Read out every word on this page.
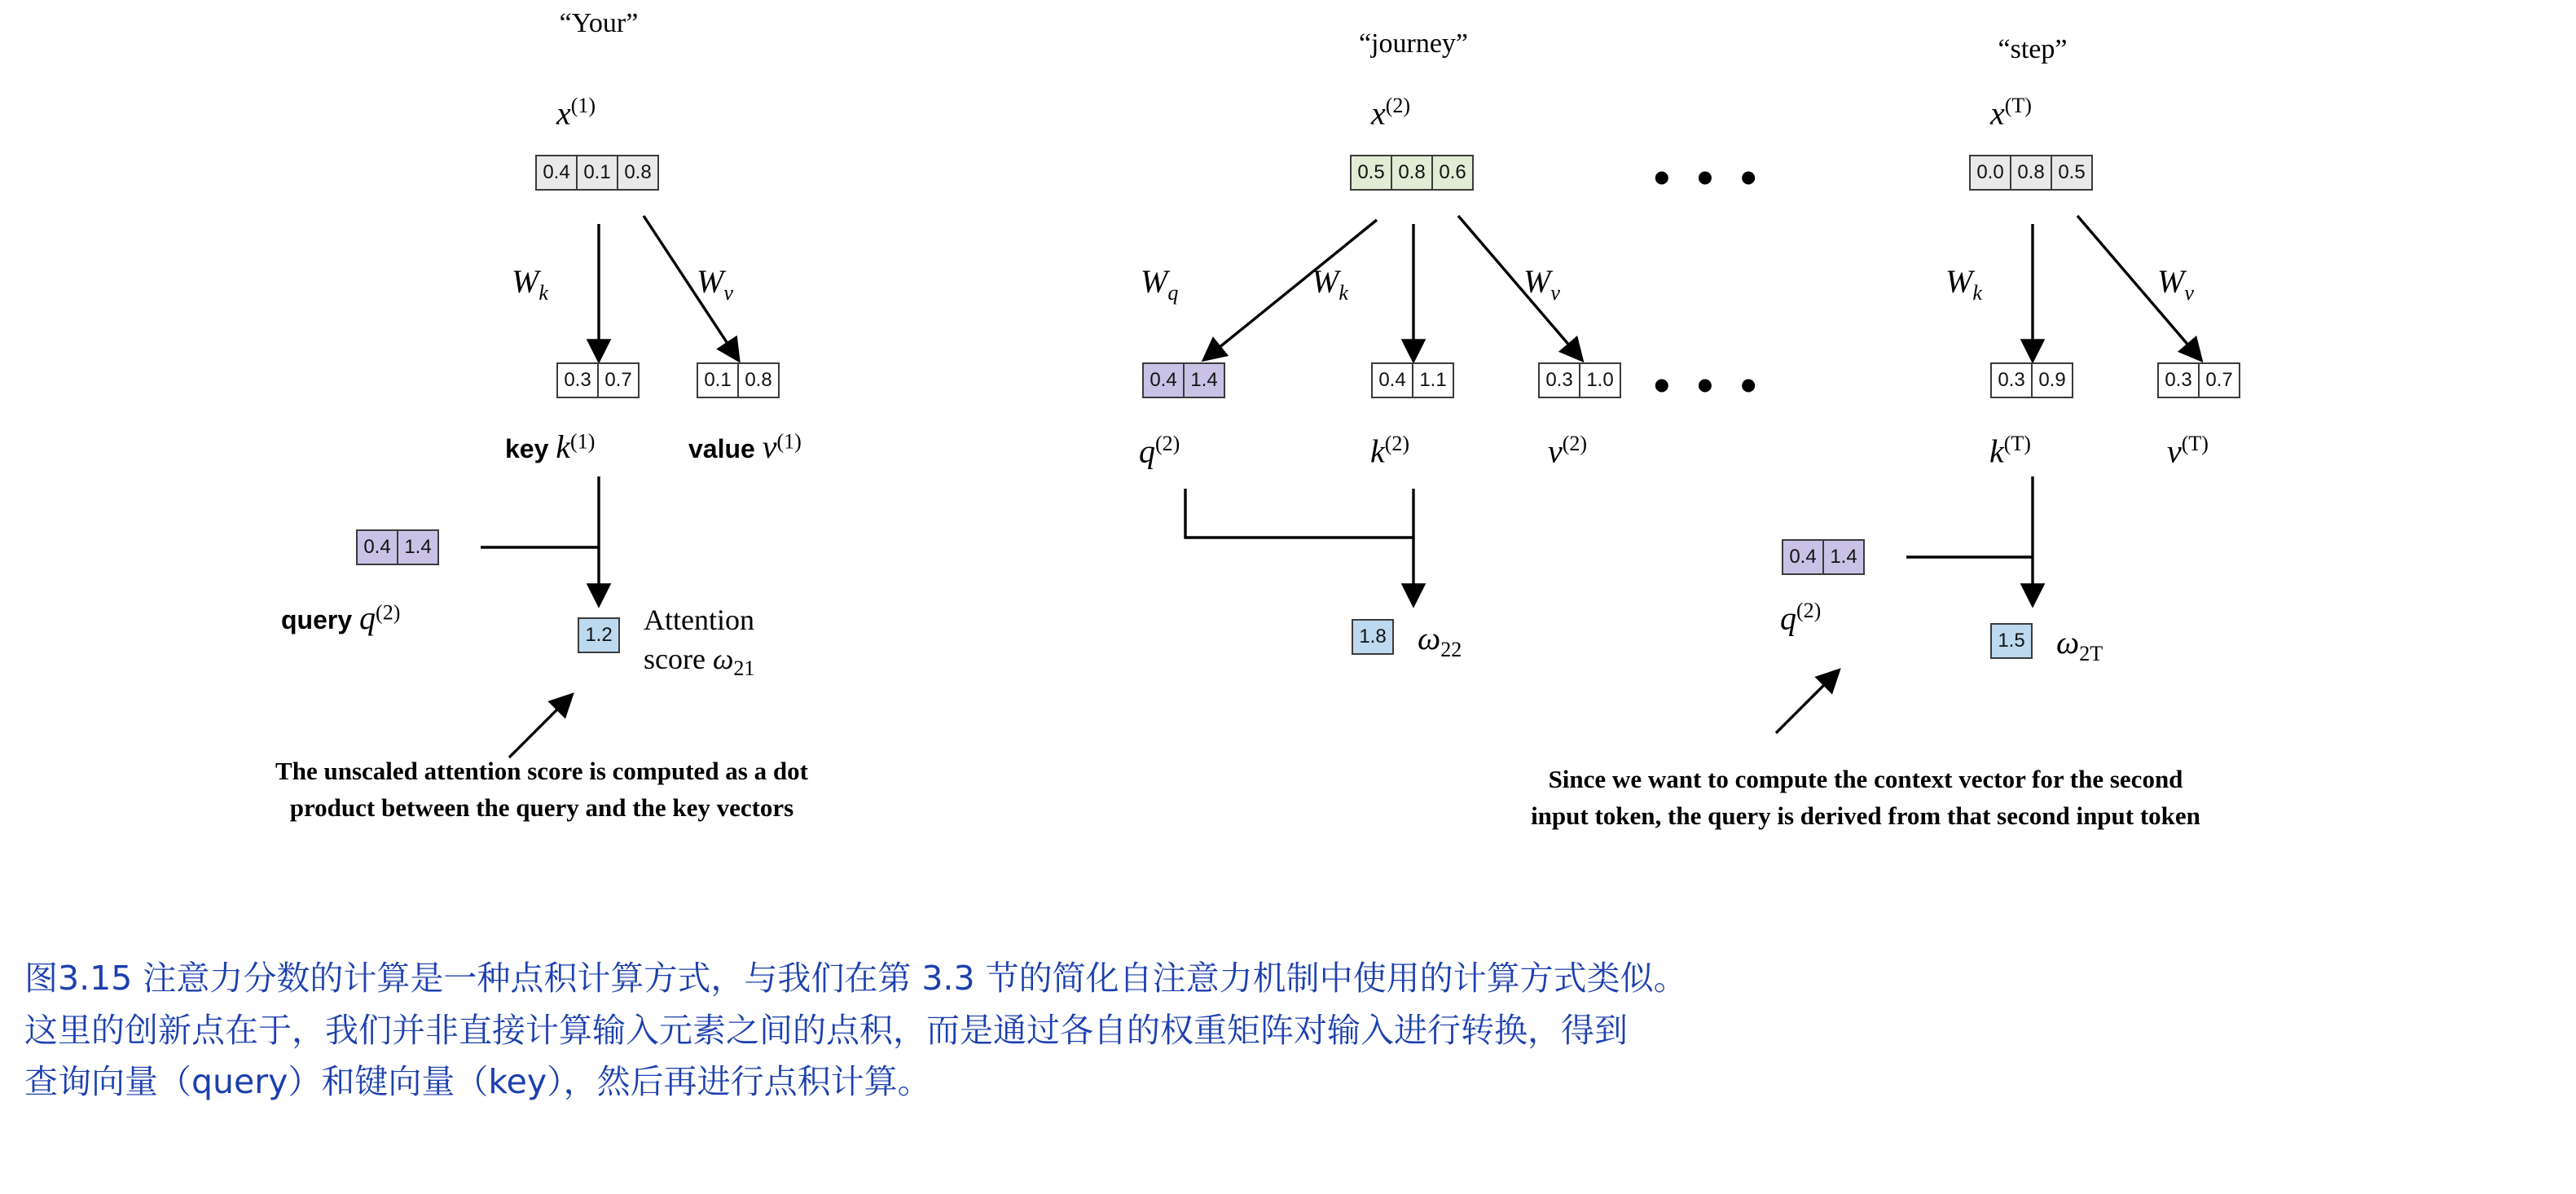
“Your”
$x^{(1)}$
0.4 0.1 0.8
$W_k$	$W_v$
0.3 0.7	0.1 0.8
key $k^{(1)}$	value $v^{(1)}$
0.4 1.4
query $q^{(2)}$
1.2 Attention
score $\omega_{21}$
The unscaled attention score is computed as a dot
product between the query and the key vectors
“journey”
$x^{(2)}$
0.5 0.8 0.6
$W_q$	$W_k$	$W_v$
0.4 1.4	0.4 1.1	0.3 1.0
$q^{(2)}$	$k^{(2)}$	$v^{(2)}$
1.8 $\omega_{22}$
• • •
• • •
“step”
$x^{(T)}$
0.0 0.8 0.5
$W_k$	$W_v$
0.3 0.9	0.3 0.7
$k^{(T)}$	$v^{(T)}$
0.4 1.4
$q^{(2)}$
1.5 $\omega_{2T}$
Since we want to compute the context vector for the second
input token, the query is derived from that second input token
图3.15 注意力分数的计算是一种点积计算方式，与我们在第 3.3 节的简化自注意力机制中使用的计算方式类似。
这里的创新点在于，我们并非直接计算输入元素之间的点积，而是通过各自的权重矩阵对输入进行转换，得到
查询向量（query）和键向量（key），然后再进行点积计算。
